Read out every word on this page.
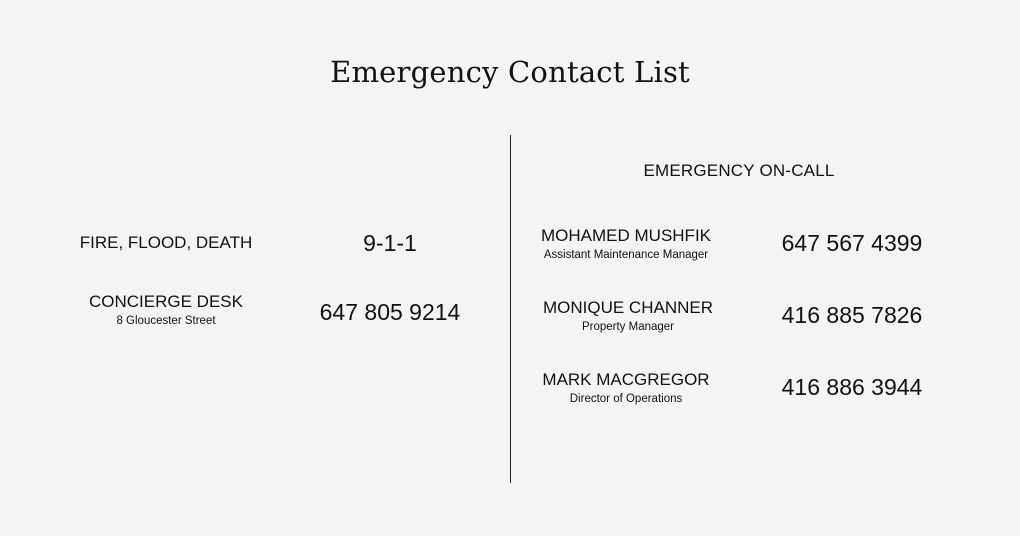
Emergency Contact List
FIRE, FLOOD, DEATH	9-1-1
CONCIERGE DESK
8 Gloucester Street	647 805 9214
EMERGENCY ON-CALL
MOHAMED MUSHFIK
Assistant Maintenance Manager	647 567 4399
MONIQUE CHANNER
Property Manager	416 885 7826
MARK MACGREGOR
Director of Operations	416 886 3944
